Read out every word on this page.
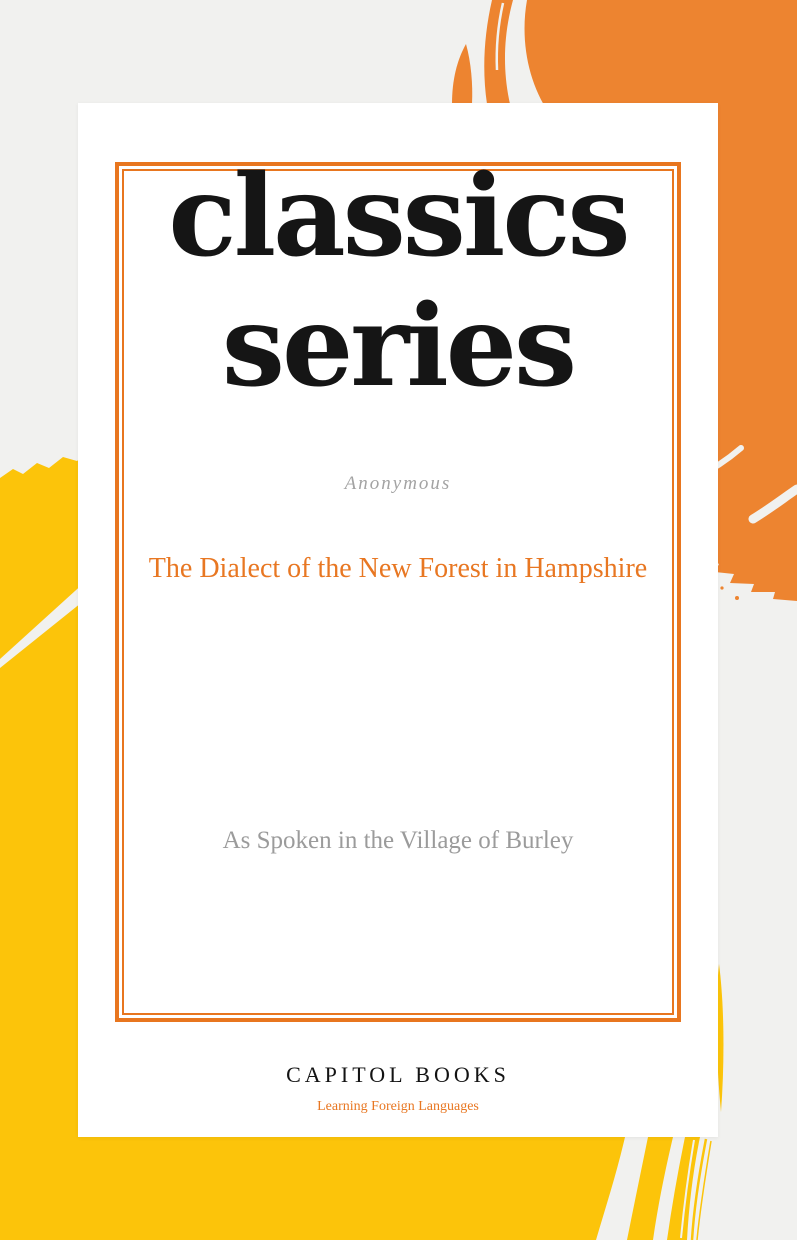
classics
series
Anonymous
The Dialect of the New Forest in Hampshire
As Spoken in the Village of Burley
CAPITOL BOOKS
Learning Foreign Languages
